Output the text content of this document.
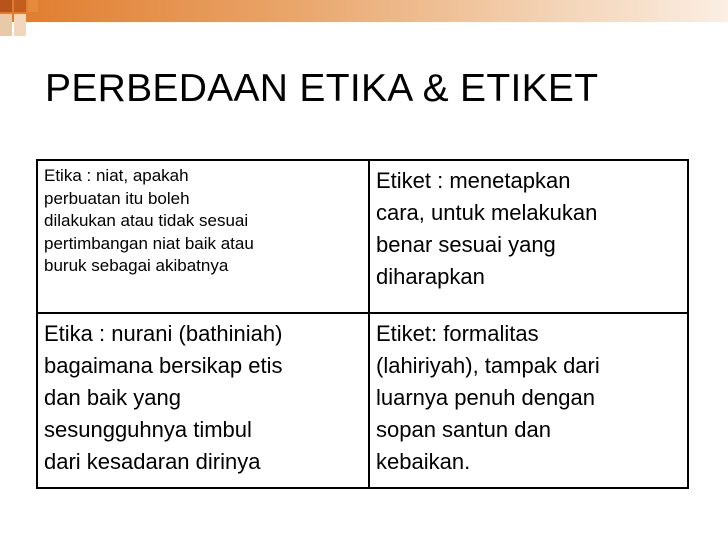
PERBEDAAN ETIKA & ETIKET
Etika : niat, apakah
perbuatan itu boleh
dilakukan atau tidak sesuai
pertimbangan niat baik atau
buruk sebagai akibatnya	Etiket : menetapkan
cara, untuk melakukan
benar sesuai yang
diharapkan

Etika : nurani (bathiniah)
bagaimana bersikap etis
dan baik yang
sesungguhnya timbul
dari kesadaran dirinya	Etiket: formalitas
(lahiriyah), tampak dari
luarnya penuh dengan
sopan santun dan
kebaikan.
